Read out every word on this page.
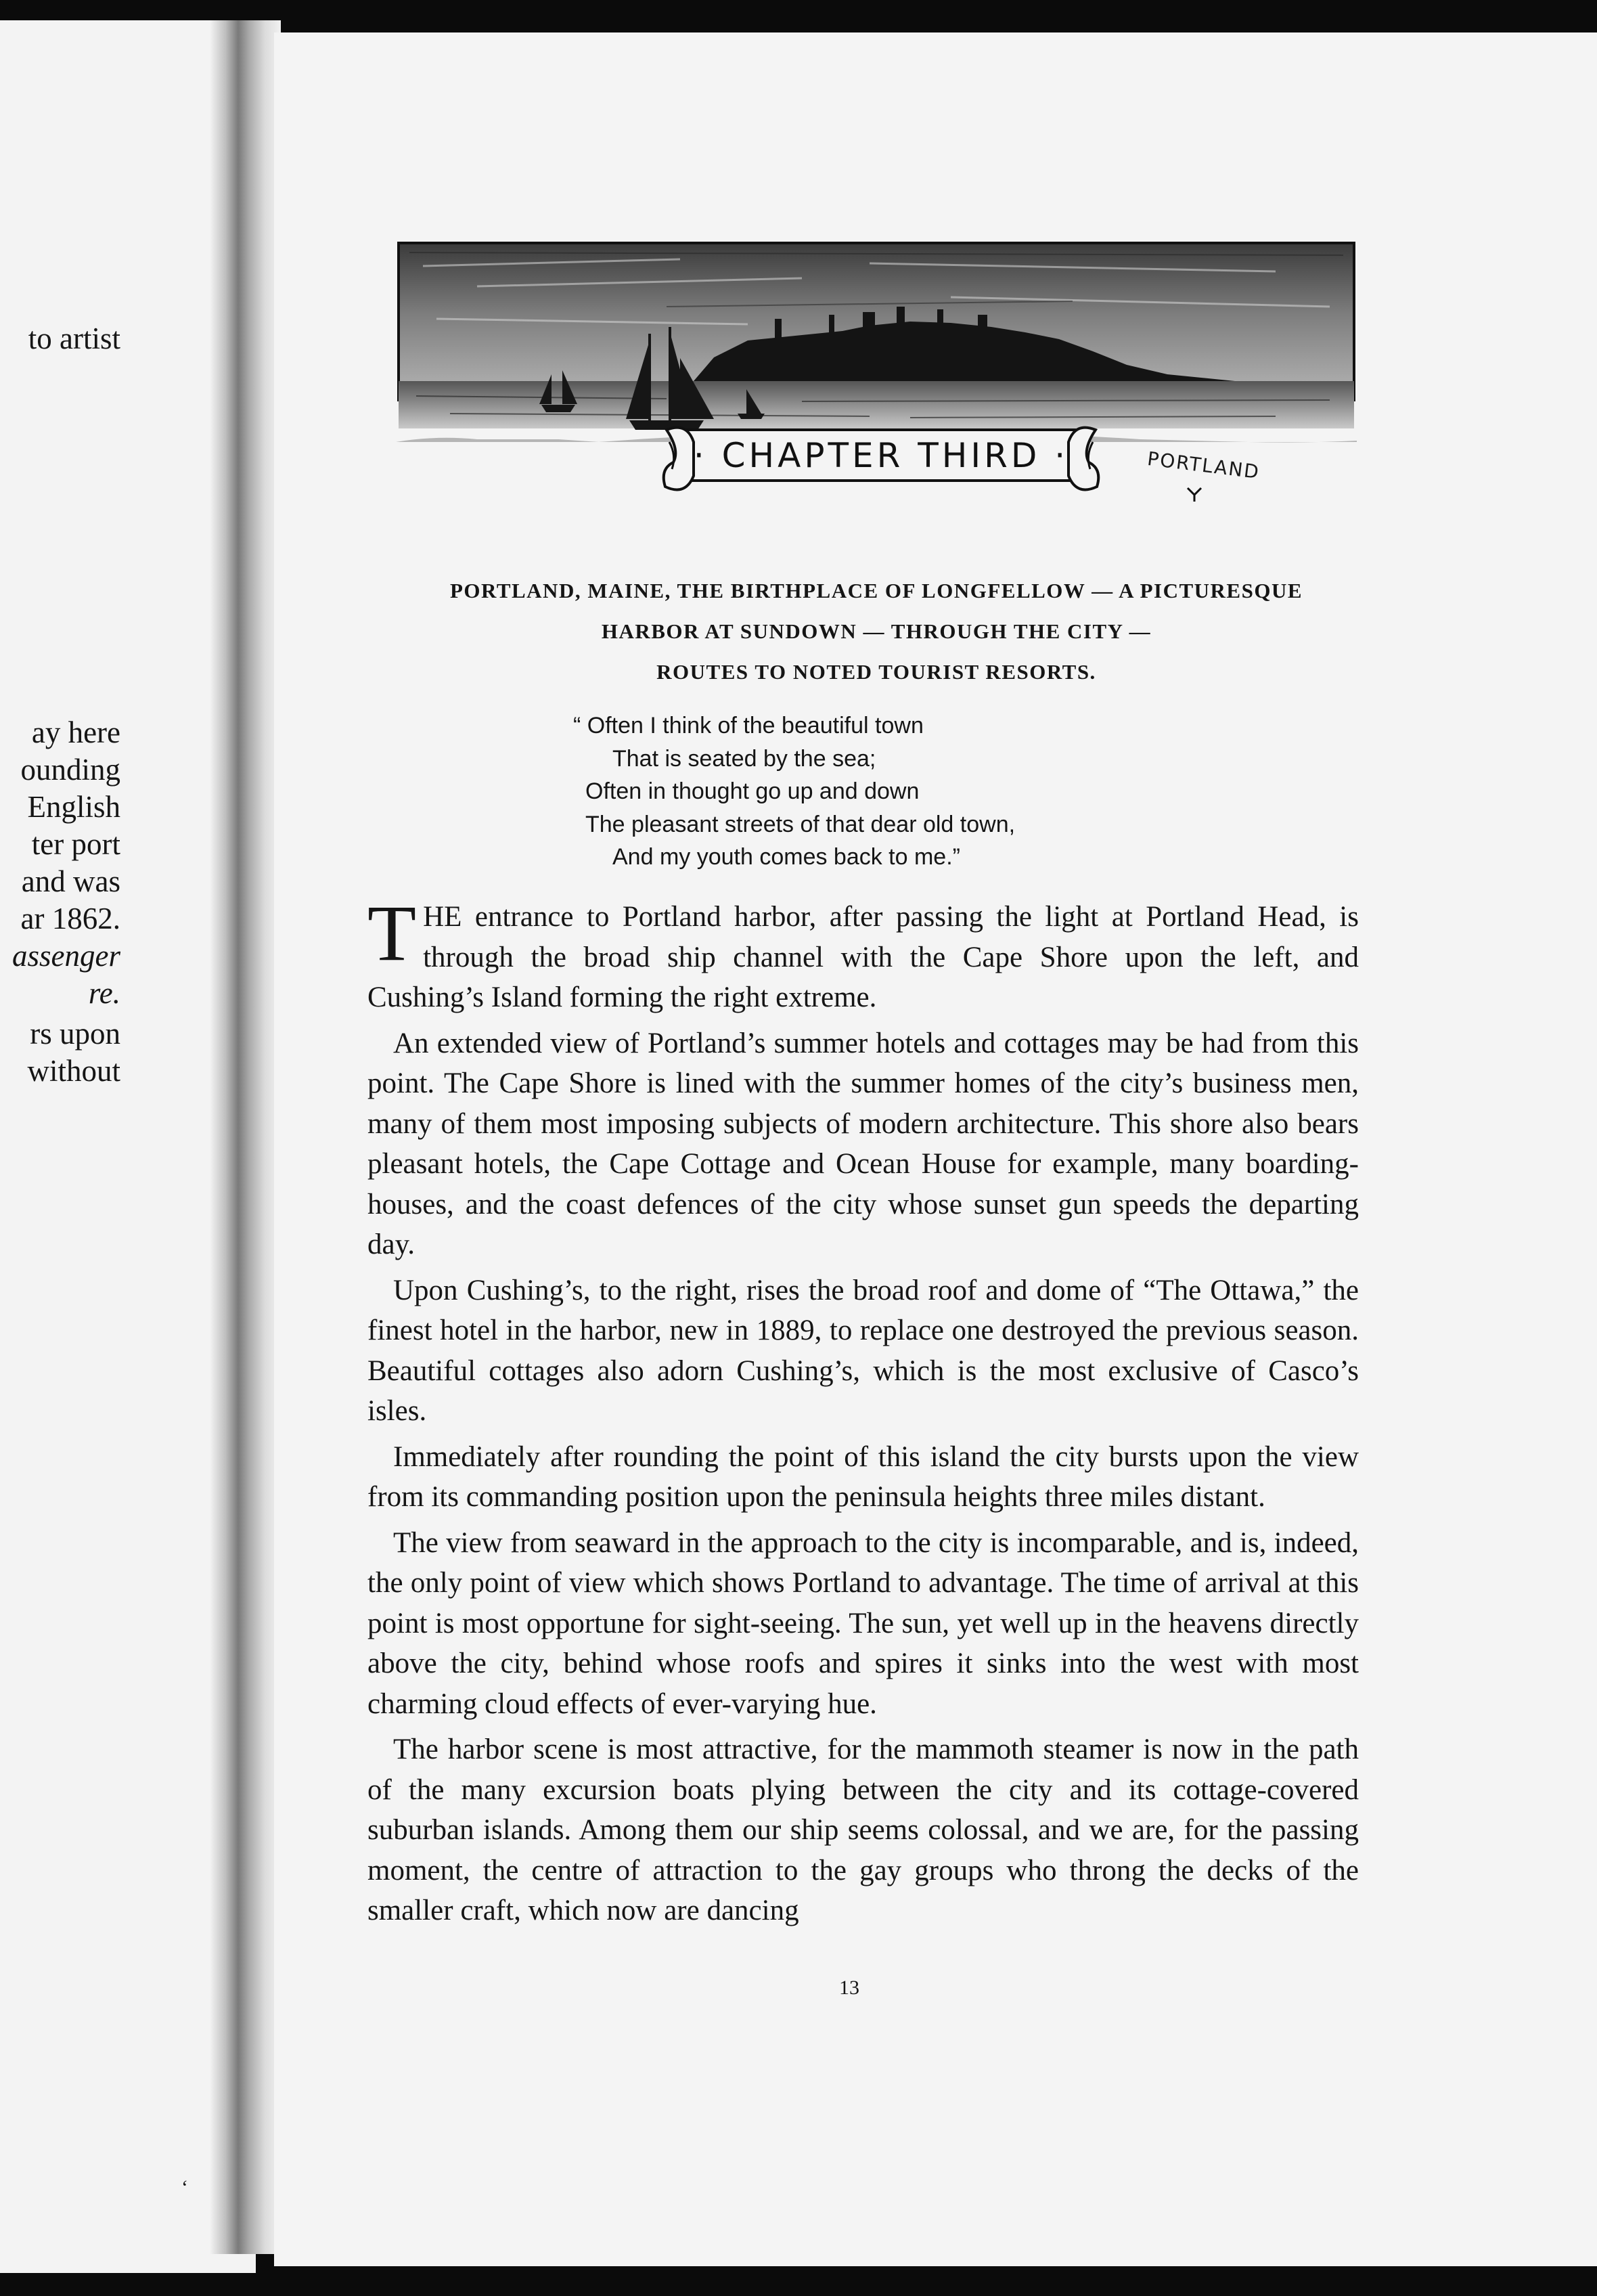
to artist
ay here
ounding
English
ter port
and was
ar 1862.
assenger
re.
rs upon
without
‘
· CHAPTER THIRD ·	PORTLAND
PORTLAND, MAINE, THE BIRTHPLACE OF LONGFELLOW — A PICTURESQUE
HARBOR AT SUNDOWN — THROUGH THE CITY —
ROUTES TO NOTED TOURIST RESORTS.
“ Often I think of the beautiful town
That is seated by the sea;
Often in thought go up and down
The pleasant streets of that dear old town,
And my youth comes back to me.”

THE entrance to Portland harbor, after passing the light at Portland Head, is through the broad ship channel with the Cape Shore upon the left, and Cushing’s Island forming the right extreme.

An extended view of Portland’s summer hotels and cottages may be had from this point. The Cape Shore is lined with the summer homes of the city’s business men, many of them most imposing subjects of modern architecture. This shore also bears pleasant hotels, the Cape Cottage and Ocean House for example, many boarding-houses, and the coast defences of the city whose sunset gun speeds the departing day.

Upon Cushing’s, to the right, rises the broad roof and dome of “The Ottawa,” the finest hotel in the harbor, new in 1889, to replace one destroyed the previous season. Beautiful cottages also adorn Cushing’s, which is the most exclusive of Casco’s isles.

Immediately after rounding the point of this island the city bursts upon the view from its commanding position upon the peninsula heights three miles distant.

The view from seaward in the approach to the city is incomparable, and is, indeed, the only point of view which shows Portland to advantage. The time of arrival at this point is most opportune for sight-seeing. The sun, yet well up in the heavens directly above the city, behind whose roofs and spires it sinks into the west with most charming cloud effects of ever-varying hue.

The harbor scene is most attractive, for the mammoth steamer is now in the path of the many excursion boats plying between the city and its cottage-covered suburban islands. Among them our ship seems colossal, and we are, for the passing moment, the centre of attraction to the gay groups who throng the decks of the smaller craft, which now are dancing

13
